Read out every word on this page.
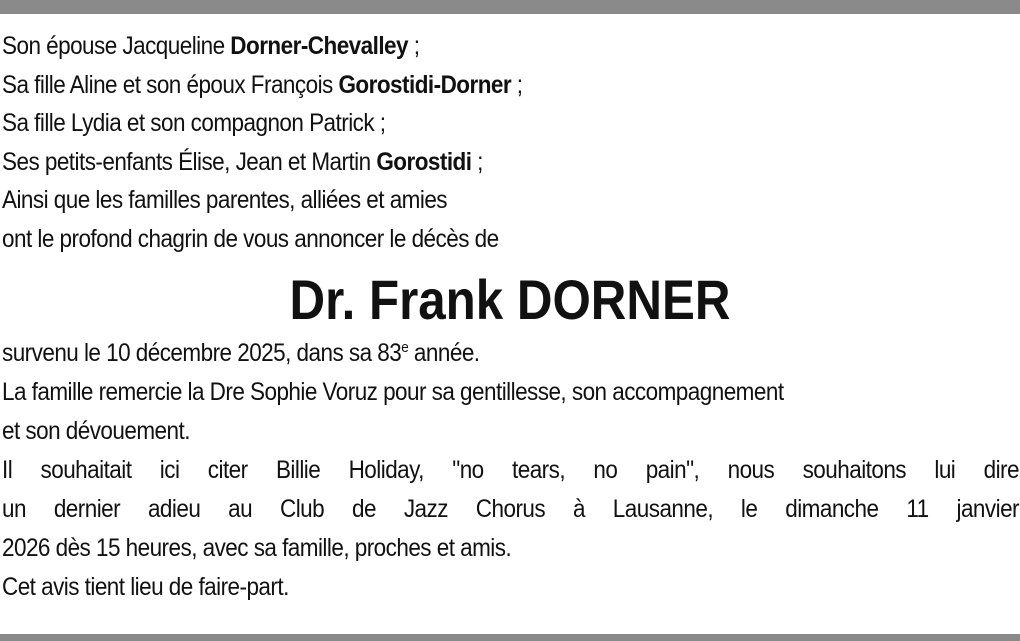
Son épouse Jacqueline Dorner-Chevalley ;
Sa fille Aline et son époux François Gorostidi-Dorner ;
Sa fille Lydia et son compagnon Patrick ;
Ses petits-enfants Élise, Jean et Martin Gorostidi ;
Ainsi que les familles parentes, alliées et amies
ont le profond chagrin de vous annoncer le décès de
Dr. Frank DORNER
survenu le 10 décembre 2025, dans sa 83e année.
La famille remercie la Dre Sophie Voruz pour sa gentillesse, son accompagnement
et son dévouement.
Il souhaitait ici citer Billie Holiday, "no tears, no pain", nous souhaitons lui dire
un dernier adieu au Club de Jazz Chorus à Lausanne, le dimanche 11 janvier
2026 dès 15 heures, avec sa famille, proches et amis.
Cet avis tient lieu de faire-part.
